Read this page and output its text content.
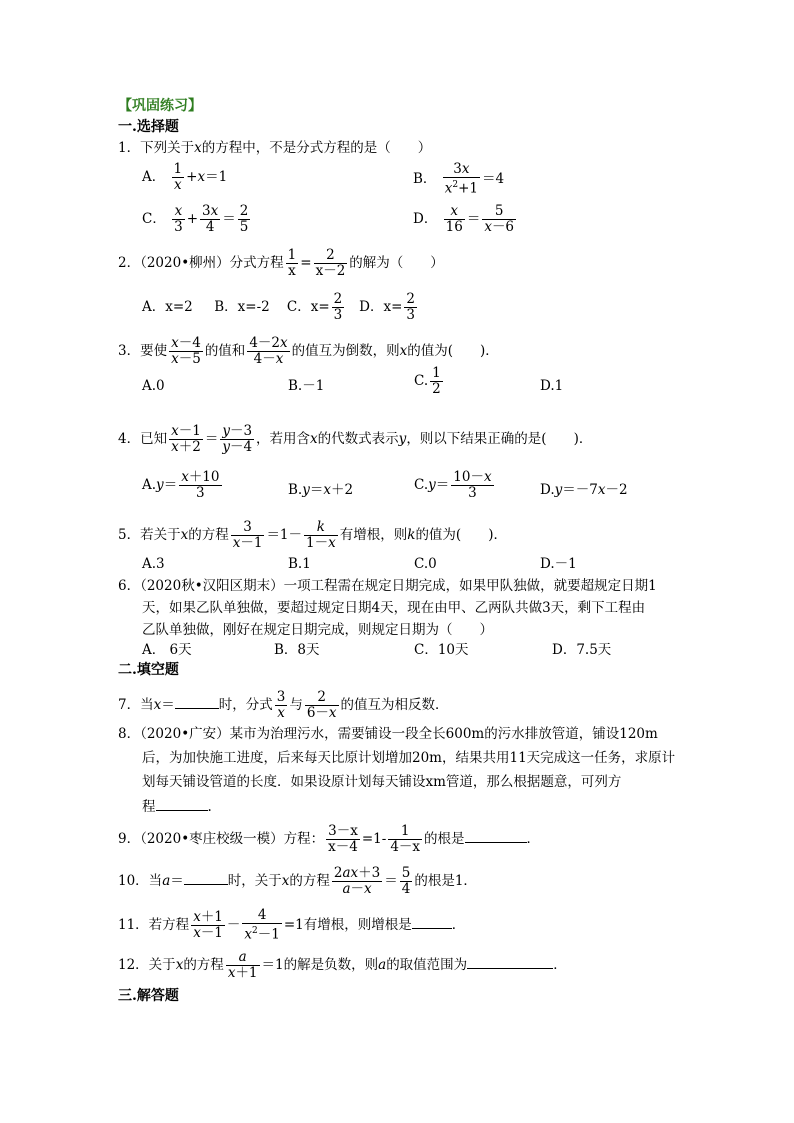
【巩固练习】
一.选择题
1．下列关于x的方程中，不是分式方程的是（　　）
A． $\frac{1}{x} +x=1$	B． $\frac{3x}{x^2+1} =4$
C． $\frac{x}{3} + \frac{3x}{4} = \frac{2}{5}$	D． $\frac{x}{16} = \frac{5}{x-6}$
2．（2020•柳州）分式方程 $\frac{1}{x} = \frac{2}{x-2}$ 的解为（　　）
A．x=2 B．x=-2 C．$x= \frac{2}{3}$ D．$x= \frac{2}{3}$
3．要使 $\frac{x-4}{x-5}$ 的值和 $\frac{4-2x}{4-x}$ 的值互为倒数，则x的值为(　　)．
A.0	B.－1	C. $\frac{1}{2}$	D.1
4．已知 $\frac{x-1}{x+2} = \frac{y-3}{y-4}$ ，若用含x的代数式表示y，则以下结果正确的是(　　)．
$A.y= \frac{x+10}{3}$	B.y＝x＋2	$C.y= \frac{10-x}{3}$	D.y＝－7x－2
5．若关于x的方程 $\frac{3}{x-1} =1- \frac{k}{1-x}$ 有增根，则k的值为(　　)．
A.3	B.1	C.0	D.－1
6．（2020秋•汉阳区期末）一项工程需在规定日期完成，如果甲队独做，就要超规定日期1
天，如果乙队单独做，要超过规定日期4天，现在由甲、乙两队共做3天，剩下工程由
乙队单独做，刚好在规定日期完成，则规定日期为（　　）
A． 6天	B．8天	C．10天	D．7.5天
二.填空题
7．当x＝	时，分式 $\frac{3}{x}$ 与 $\frac{2}{6-x}$ 的值互为相反数．
8．（2020•广安）某市为治理污水，需要铺设一段全长600m的污水排放管道，铺设120m
后，为加快施工进度，后来每天比原计划增加20m，结果共用11天完成这一任务，求原计
划每天铺设管道的长度．如果设原计划每天铺设xm管道，那么根据题意，可列方
程	.
9．（2020•枣庄校级一模）方程： $\frac{3-x}{x-4} =1- \frac{1}{4-x}$ 的根是	．
10．当a＝	时，关于x的方程 $\frac{2ax+3}{a-x} = \frac{5}{4}$ 的根是1．
11．若方程 $\frac{x+1}{x-1} - \frac{4}{x^2-1} =1$有增根，则增根是	．
12．关于x的方程 $\frac{a}{x+1} =1$的解是负数，则a的取值范围为	．
三.解答题
